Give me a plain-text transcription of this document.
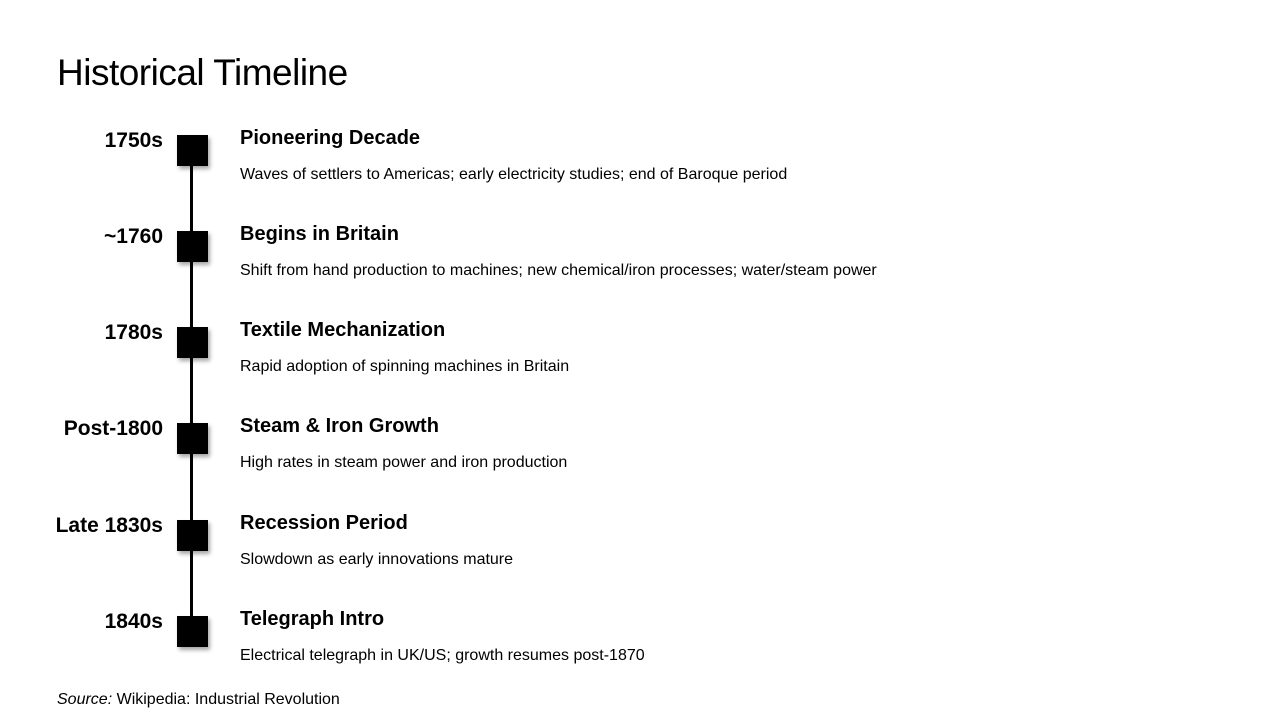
Historical Timeline
1750s	Pioneering Decade
Waves of settlers to Americas; early electricity studies; end of Baroque period
~1760	Begins in Britain
Shift from hand production to machines; new chemical/iron processes; water/steam power
1780s	Textile Mechanization
Rapid adoption of spinning machines in Britain
Post-1800	Steam & Iron Growth
High rates in steam power and iron production
Late 1830s	Recession Period
Slowdown as early innovations mature
1840s	Telegraph Intro
Electrical telegraph in UK/US; growth resumes post-1870
Source: Wikipedia: Industrial Revolution
